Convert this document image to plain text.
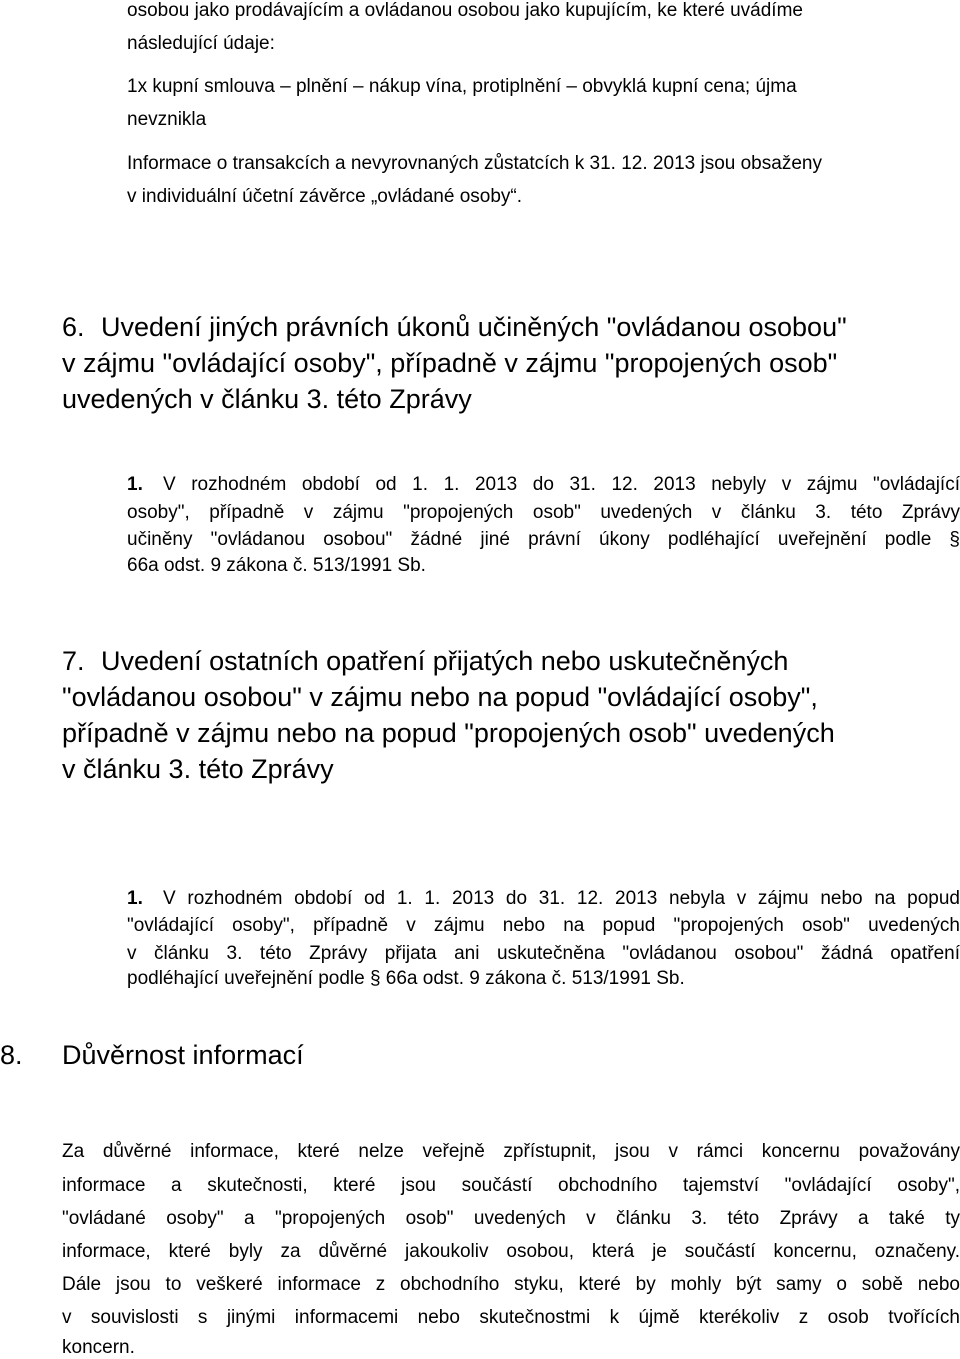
osobou jako prodávajícím a ovládanou osobou jako kupujícím, ke které uvádíme

následující údaje:

1x kupní smlouva – plnění – nákup vína, protiplnění – obvyklá kupní cena; újma

nevznikla

Informace o transakcích a nevyrovnaných zůstatcích k 31. 12. 2013 jsou obsaženy

v individuální účetní závěrce „ovládané osoby“.

6. Uvedení jiných právních úkonů učiněných "ovládanou osobou"
v zájmu "ovládající osoby", případně v zájmu "propojených osob"
uvedených v článku 3. této Zprávy
1. V rozhodném období od 1. 1. 2013 do 31. 12. 2013 nebyly v zájmu "ovládající
osoby", případně v zájmu "propojených osob" uvedených v článku 3. této Zprávy
učiněny "ovládanou osobou" žádné jiné právní úkony podléhající uveřejnění podle §
66a odst. 9 zákona č. 513/1991 Sb.
7. Uvedení ostatních opatření přijatých nebo uskutečněných
"ovládanou osobou" v zájmu nebo na popud "ovládající osoby",
případně v zájmu nebo na popud "propojených osob" uvedených
v článku 3. této Zprávy
1. V rozhodném období od 1. 1. 2013 do 31. 12. 2013 nebyla v zájmu nebo na popud
"ovládající osoby", případně v zájmu nebo na popud "propojených osob" uvedených
v článku 3. této Zprávy přijata ani uskutečněna "ovládanou osobou" žádná opatření
podléhající uveřejnění podle § 66a odst. 9 zákona č. 513/1991 Sb.
8. Důvěrnost informací
Za důvěrné informace, které nelze veřejně zpřístupnit, jsou v rámci koncernu považovány
informace a skutečnosti, které jsou součástí obchodního tajemství "ovládající osoby",
"ovládané osoby" a "propojených osob" uvedených v článku 3. této Zprávy a také ty
informace, které byly za důvěrné jakoukoliv osobou, která je součástí koncernu, označeny.
Dále jsou to veškeré informace z obchodního styku, které by mohly být samy o sobě nebo
v souvislosti s jinými informacemi nebo skutečnostmi k újmě kterékoliv z osob tvořících
koncern.
